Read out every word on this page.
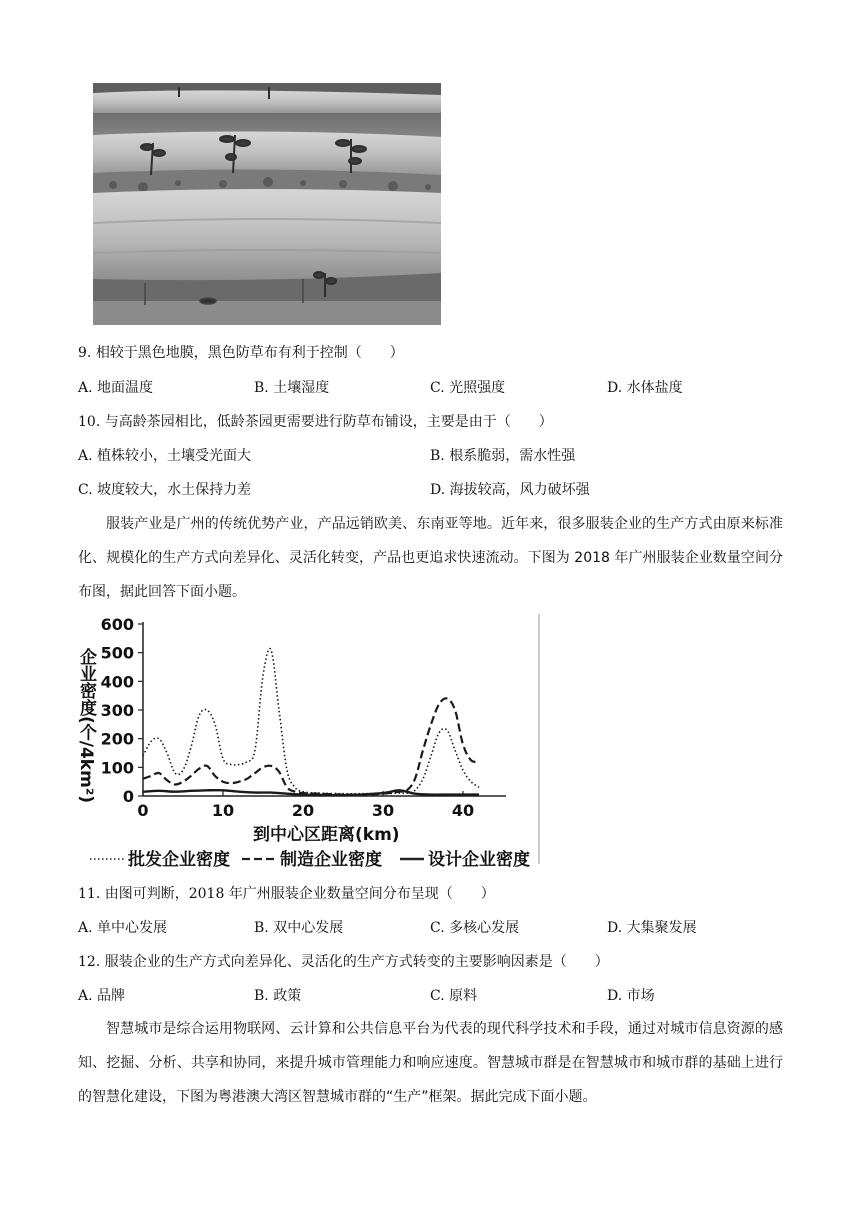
9. 相较于黑色地膜，黑色防草布有利于控制（　　）
A. 地面温度	B. 土壤湿度	C. 光照强度	D. 水体盐度
10. 与高龄茶园相比，低龄茶园更需要进行防草布铺设，主要是由于（　　）
A. 植株较小，土壤受光面大	B. 根系脆弱，需水性强
C. 坡度较大，水土保持力差	D. 海拔较高，风力破坏强
服装产业是广州的传统优势产业，产品远销欧美、东南亚等地。近年来，很多服装企业的生产方式由原来标准化、规模化的生产方式向差异化、灵活化转变，产品也更追求快速流动。下图为 2018 年广州服装企业数量空间分布图，据此回答下面小题。
0
100
200
300
400
500
600
0	10	20	30	40
企业密度(个/4km²)
到中心区距离(km)
批发企业密度	制造企业密度	设计企业密度
11. 由图可判断，2018 年广州服装企业数量空间分布呈现（　　）
A. 单中心发展	B. 双中心发展	C. 多核心发展	D. 大集聚发展
12. 服装企业的生产方式向差异化、灵活化的生产方式转变的主要影响因素是（　　）
A. 品牌	B. 政策	C. 原料	D. 市场
智慧城市是综合运用物联网、云计算和公共信息平台为代表的现代科学技术和手段，通过对城市信息资源的感知、挖掘、分析、共享和协同，来提升城市管理能力和响应速度。智慧城市群是在智慧城市和城市群的基础上进行的智慧化建设，下图为粤港澳大湾区智慧城市群的“生产”框架。据此完成下面小题。
